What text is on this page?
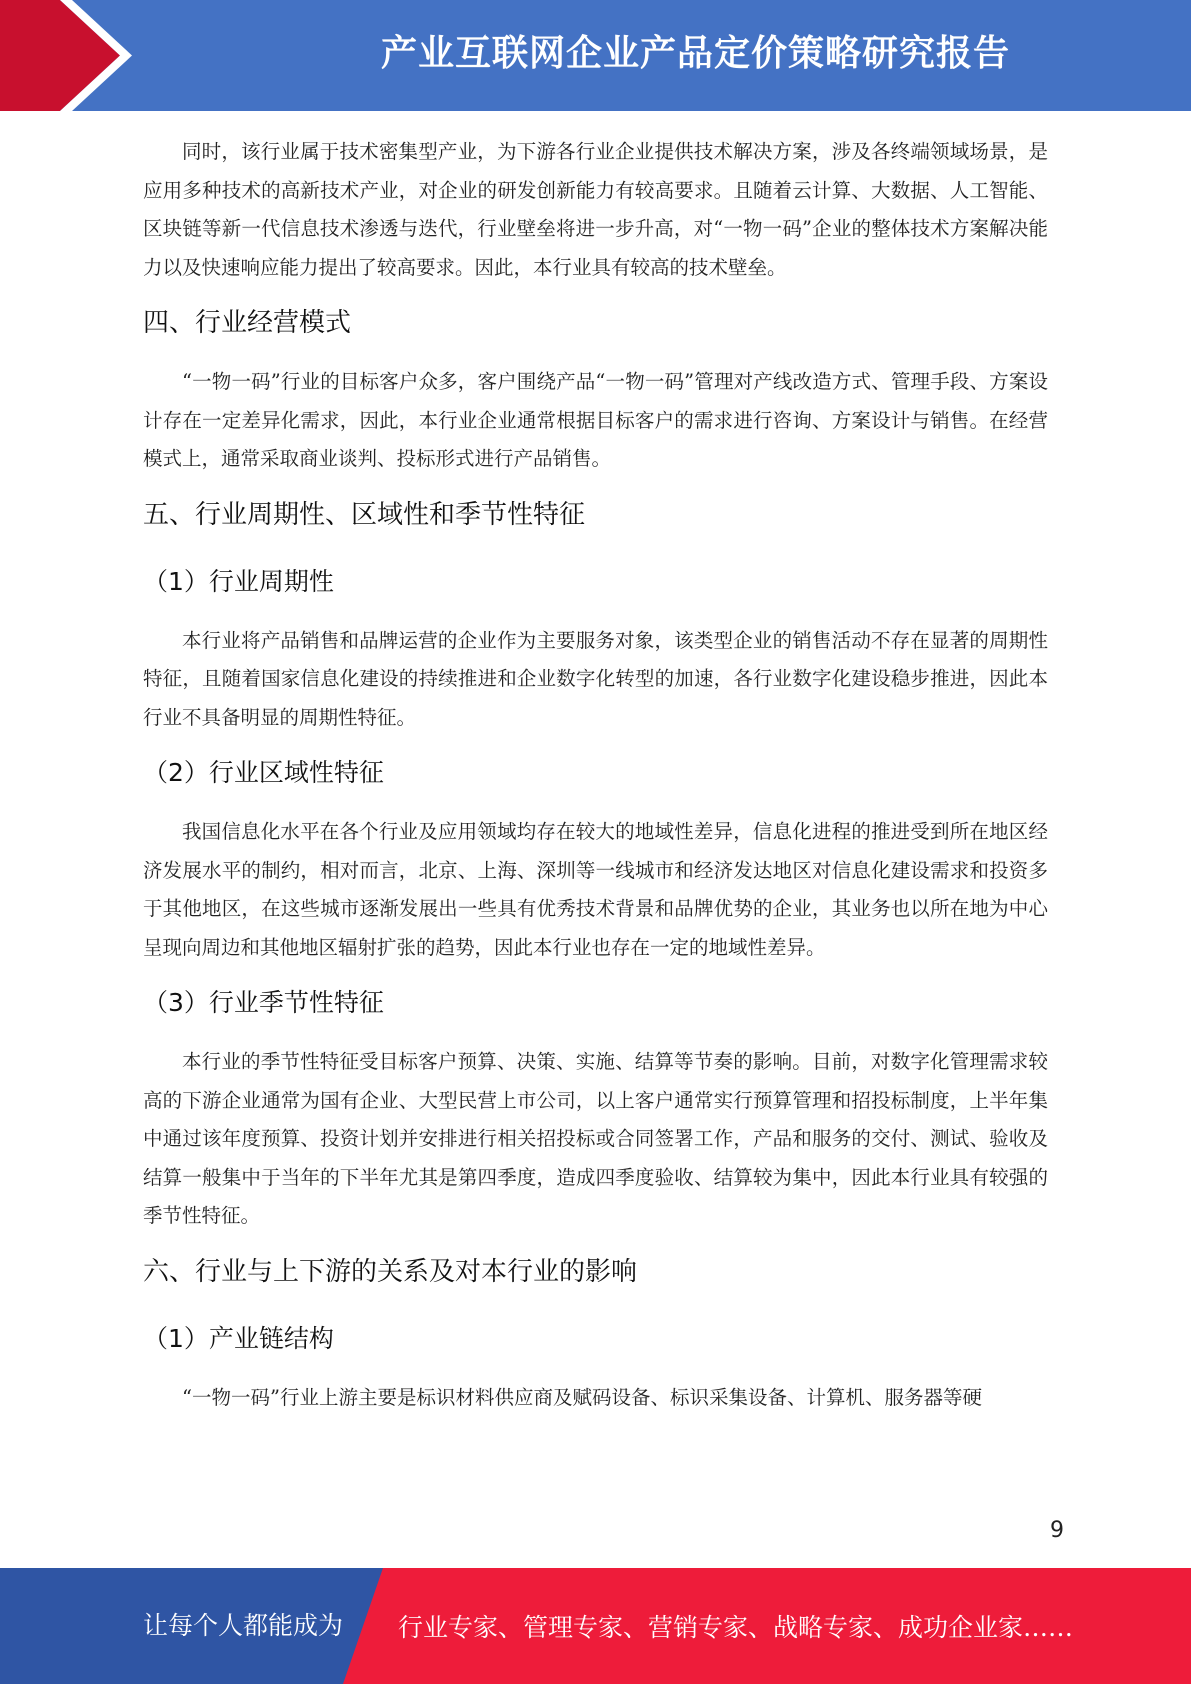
产业互联网企业产品定价策略研究报告

同时，该行业属于技术密集型产业，为下游各行业企业提供技术解决方案，涉及各终端领域场景，是应用多种技术的高新技术产业，对企业的研发创新能力有较高要求。且随着云计算、大数据、人工智能、区块链等新一代信息技术渗透与迭代，行业壁垒将进一步升高，对“一物一码”企业的整体技术方案解决能力以及快速响应能力提出了较高要求。因此，本行业具有较高的技术壁垒。

四、行业经营模式

“一物一码”行业的目标客户众多，客户围绕产品“一物一码”管理对产线改造方式、管理手段、方案设计存在一定差异化需求，因此，本行业企业通常根据目标客户的需求进行咨询、方案设计与销售。在经营模式上，通常采取商业谈判、投标形式进行产品销售。

五、行业周期性、区域性和季节性特征
（1）行业周期性

本行业将产品销售和品牌运营的企业作为主要服务对象，该类型企业的销售活动不存在显著的周期性特征，且随着国家信息化建设的持续推进和企业数字化转型的加速，各行业数字化建设稳步推进，因此本行业不具备明显的周期性特征。

（2）行业区域性特征

我国信息化水平在各个行业及应用领域均存在较大的地域性差异，信息化进程的推进受到所在地区经济发展水平的制约，相对而言，北京、上海、深圳等一线城市和经济发达地区对信息化建设需求和投资多于其他地区，在这些城市逐渐发展出一些具有优秀技术背景和品牌优势的企业，其业务也以所在地为中心呈现向周边和其他地区辐射扩张的趋势，因此本行业也存在一定的地域性差异。

（3）行业季节性特征

本行业的季节性特征受目标客户预算、决策、实施、结算等节奏的影响。目前，对数字化管理需求较高的下游企业通常为国有企业、大型民营上市公司，以上客户通常实行预算管理和招投标制度，上半年集中通过该年度预算、投资计划并安排进行相关招投标或合同签署工作，产品和服务的交付、测试、验收及结算一般集中于当年的下半年尤其是第四季度，造成四季度验收、结算较为集中，因此本行业具有较强的季节性特征。

六、行业与上下游的关系及对本行业的影响
（1）产业链结构

“一物一码”行业上游主要是标识材料供应商及赋码设备、标识采集设备、计算机、服务器等硬

9
让每个人都能成为 行业专家、管理专家、营销专家、战略专家、成功企业家……
